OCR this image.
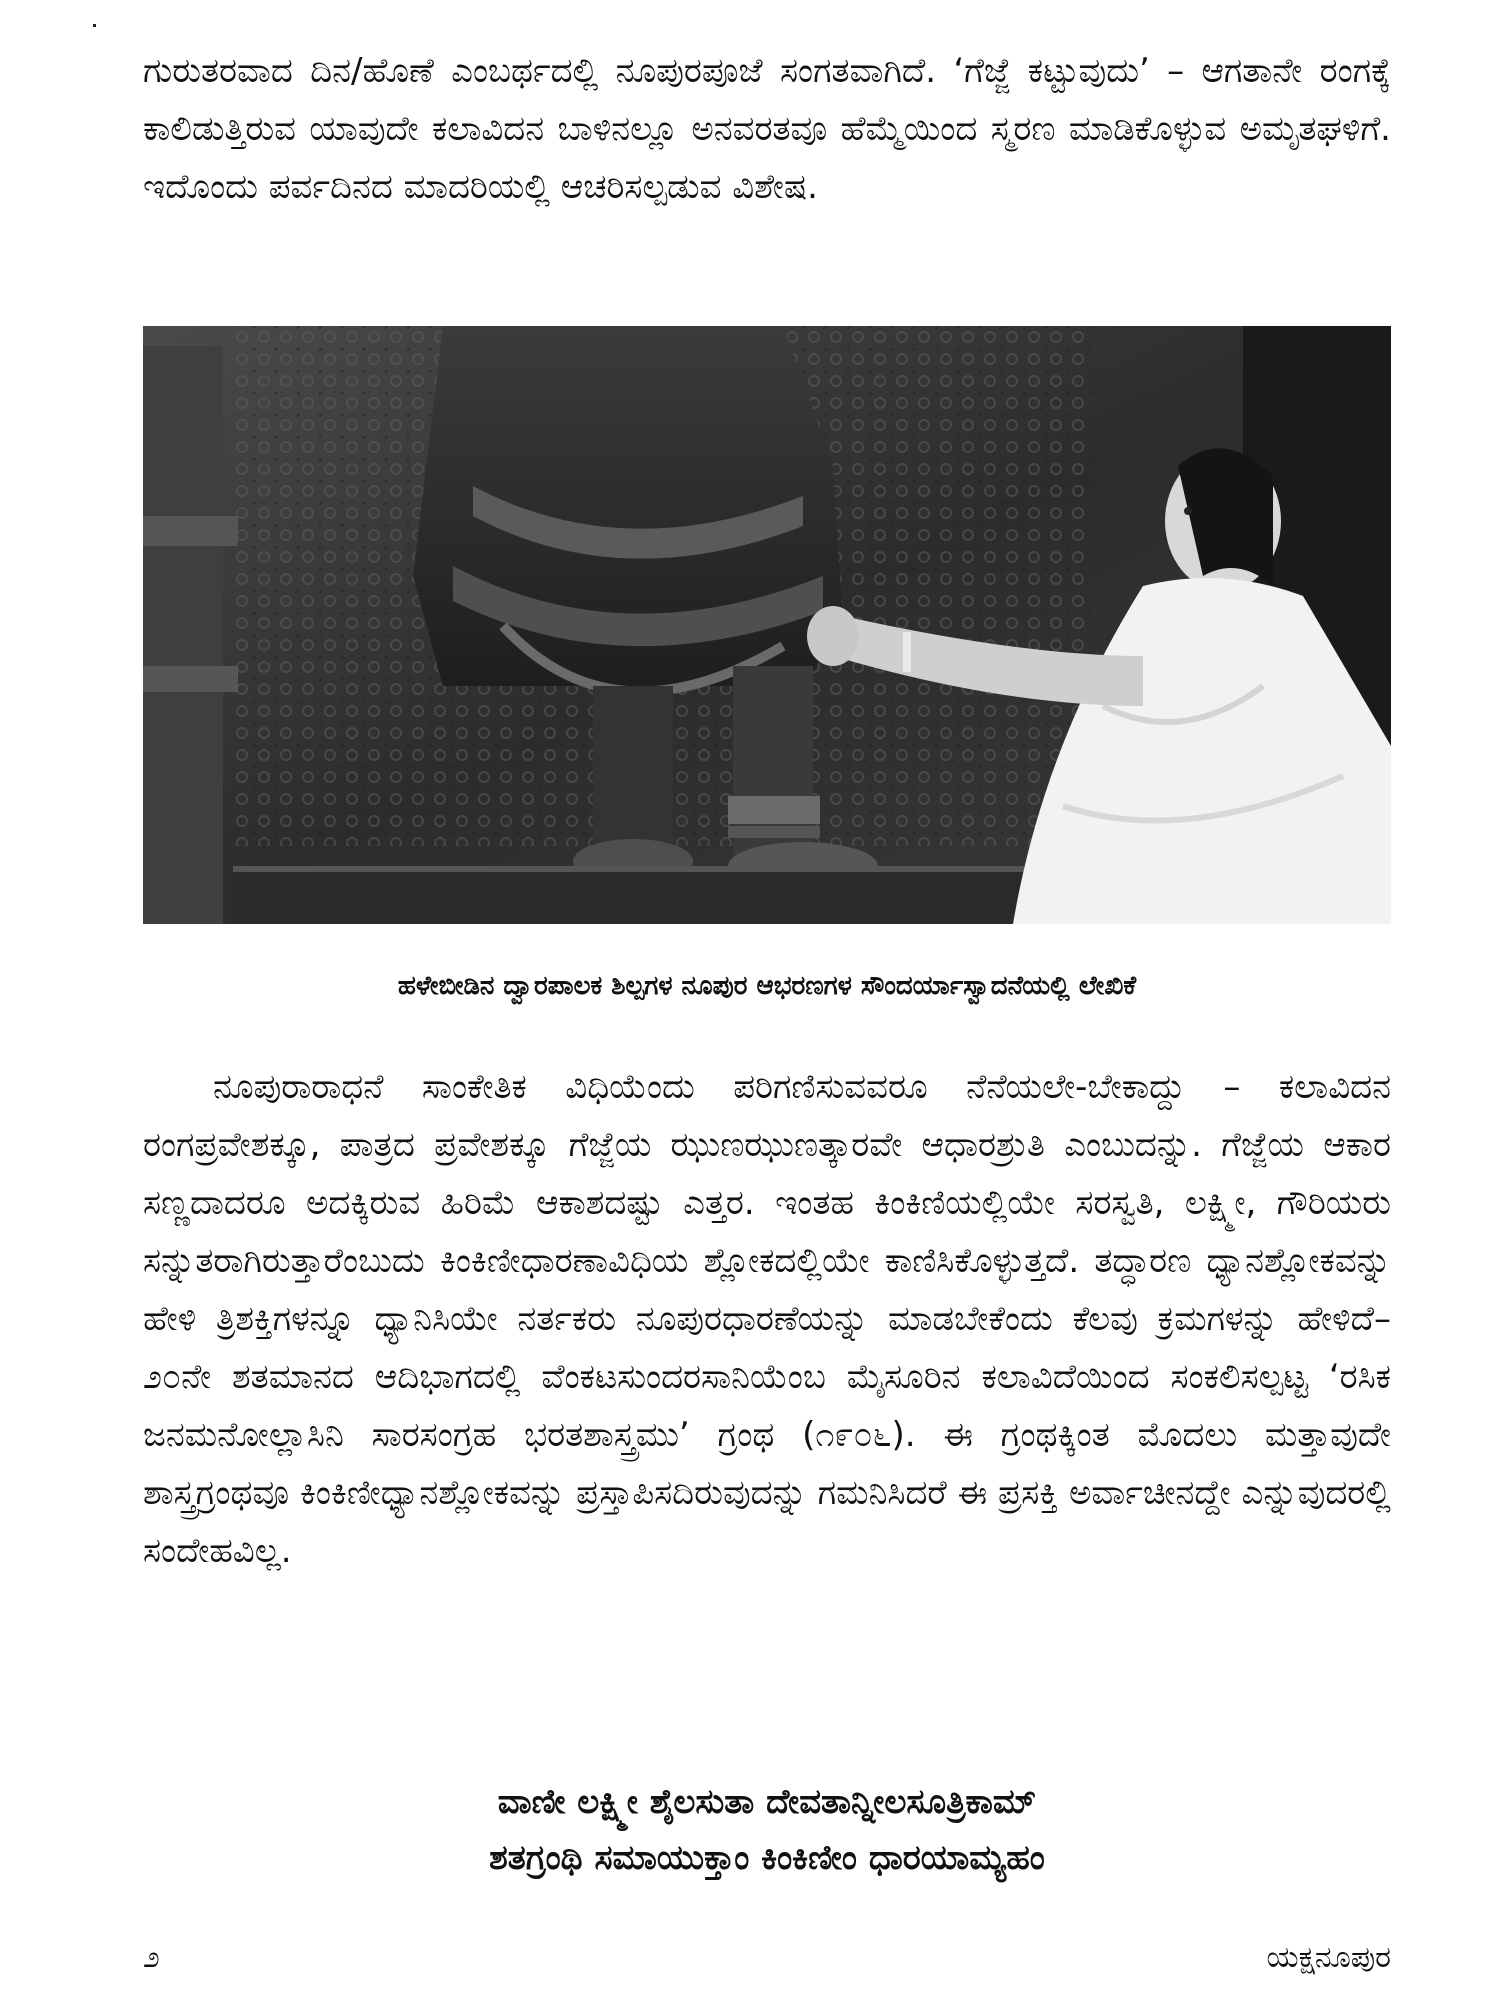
ಗುರುತರವಾದ ದಿನ/ಹೊಣೆ ಎಂಬರ್ಥದಲ್ಲಿ ನೂಪುರಪೂಜೆ ಸಂಗತವಾಗಿದೆ. ‘ಗೆಜ್ಜೆ ಕಟ್ಟುವುದು’ – ಆಗತಾನೇ ರಂಗಕ್ಕೆ ಕಾಲಿಡುತ್ತಿರುವ ಯಾವುದೇ ಕಲಾವಿದನ ಬಾಳಿನಲ್ಲೂ ಅನವರತವೂ ಹೆಮ್ಮೆಯಿಂದ ಸ್ಮರಣ ಮಾಡಿಕೊಳ್ಳುವ ಅಮೃತಘಳಿಗೆ. ಇದೊಂದು ಪರ್ವದಿನದ ಮಾದರಿಯಲ್ಲಿ ಆಚರಿಸಲ್ಪಡುವ ವಿಶೇಷ.

ಹಳೇಬೀಡಿನ ದ್ವಾರಪಾಲಕ ಶಿಲ್ಪಗಳ ನೂಪುರ ಆಭರಣಗಳ ಸೌಂದರ್ಯಾಸ್ವಾದನೆಯಲ್ಲಿ ಲೇಖಿಕೆ

ನೂಪುರಾರಾಧನೆ ಸಾಂಕೇತಿಕ ವಿಧಿಯೆಂದು ಪರಿಗಣಿಸುವವರೂ ನೆನೆಯಲೇ-ಬೇಕಾದ್ದು – ಕಲಾವಿದನ ರಂಗಪ್ರವೇಶಕ್ಕೂ, ಪಾತ್ರದ ಪ್ರವೇಶಕ್ಕೂ ಗೆಜ್ಜೆಯ ಝುಣಝುಣತ್ಕಾರವೇ ಆಧಾರಶ್ರುತಿ ಎಂಬುದನ್ನು. ಗೆಜ್ಜೆಯ ಆಕಾರ ಸಣ್ಣದಾದರೂ ಅದಕ್ಕಿರುವ ಹಿರಿಮೆ ಆಕಾಶದಷ್ಟು ಎತ್ತರ. ಇಂತಹ ಕಿಂಕಿಣಿಯಲ್ಲಿಯೇ ಸರಸ್ವತಿ, ಲಕ್ಷ್ಮೀ, ಗೌರಿಯರು ಸನ್ನುತರಾಗಿರುತ್ತಾರೆಂಬುದು ಕಿಂಕಿಣೀಧಾರಣಾವಿಧಿಯ ಶ್ಲೋಕದಲ್ಲಿಯೇ ಕಾಣಿಸಿಕೊಳ್ಳುತ್ತದೆ. ತದ್ಧಾರಣ ಧ್ಯಾನಶ್ಲೋಕವನ್ನು ಹೇಳಿ ತ್ರಿಶಕ್ತಿಗಳನ್ನೂ ಧ್ಯಾನಿಸಿಯೇ ನರ್ತಕರು ನೂಪುರಧಾರಣೆಯನ್ನು ಮಾಡಬೇಕೆಂದು ಕೆಲವು ಕ್ರಮಗಳನ್ನು ಹೇಳಿದೆ– ೨೦ನೇ ಶತಮಾನದ ಆದಿಭಾಗದಲ್ಲಿ ವೆಂಕಟಸುಂದರಸಾನಿಯೆಂಬ ಮೈಸೂರಿನ ಕಲಾವಿದೆಯಿಂದ ಸಂಕಲಿಸಲ್ಪಟ್ಟ ‘ರಸಿಕ ಜನಮನೋಲ್ಲಾಸಿನಿ ಸಾರಸಂಗ್ರಹ ಭರತಶಾಸ್ತ್ರಮು’ ಗ್ರಂಥ (೧೯೦೬). ಈ ಗ್ರಂಥಕ್ಕಿಂತ ಮೊದಲು ಮತ್ತಾವುದೇ ಶಾಸ್ತ್ರಗ್ರಂಥವೂ ಕಿಂಕಿಣೀಧ್ಯಾನಶ್ಲೋಕವನ್ನು ಪ್ರಸ್ತಾಪಿಸದಿರುವುದನ್ನು ಗಮನಿಸಿದರೆ ಈ ಪ್ರಸಕ್ತಿ ಅರ್ವಾಚೀನದ್ದೇ ಎನ್ನುವುದರಲ್ಲಿ ಸಂದೇಹವಿಲ್ಲ.

ವಾಣೀ ಲಕ್ಷ್ಮೀ ಶೈಲಸುತಾ ದೇವತಾನ್ನೀಲಸೂತ್ರಿಕಾಮ್
ಶತಗ್ರಂಥಿ ಸಮಾಯುಕ್ತಾಂ ಕಿಂಕಿಣೀಂ ಧಾರಯಾಮ್ಯಹಂ
೨	ಯಕ್ಷನೂಪುರ
